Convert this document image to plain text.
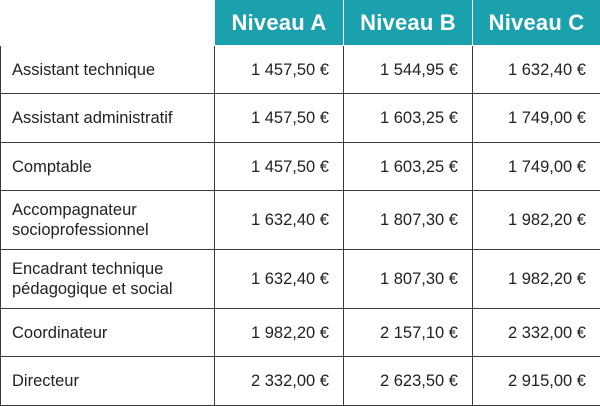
	Niveau A	Niveau B	Niveau C
Assistant technique	1 457,50 €	1 544,95 €	1 632,40 €
Assistant administratif	1 457,50 €	1 603,25 €	1 749,00 €
Comptable	1 457,50 €	1 603,25 €	1 749,00 €
Accompagnateur
socioprofessionnel	1 632,40 €	1 807,30 €	1 982,20 €
Encadrant technique
pédagogique et social	1 632,40 €	1 807,30 €	1 982,20 €
Coordinateur	1 982,20 €	2 157,10 €	2 332,00 €
Directeur	2 332,00 €	2 623,50 €	2 915,00 €
